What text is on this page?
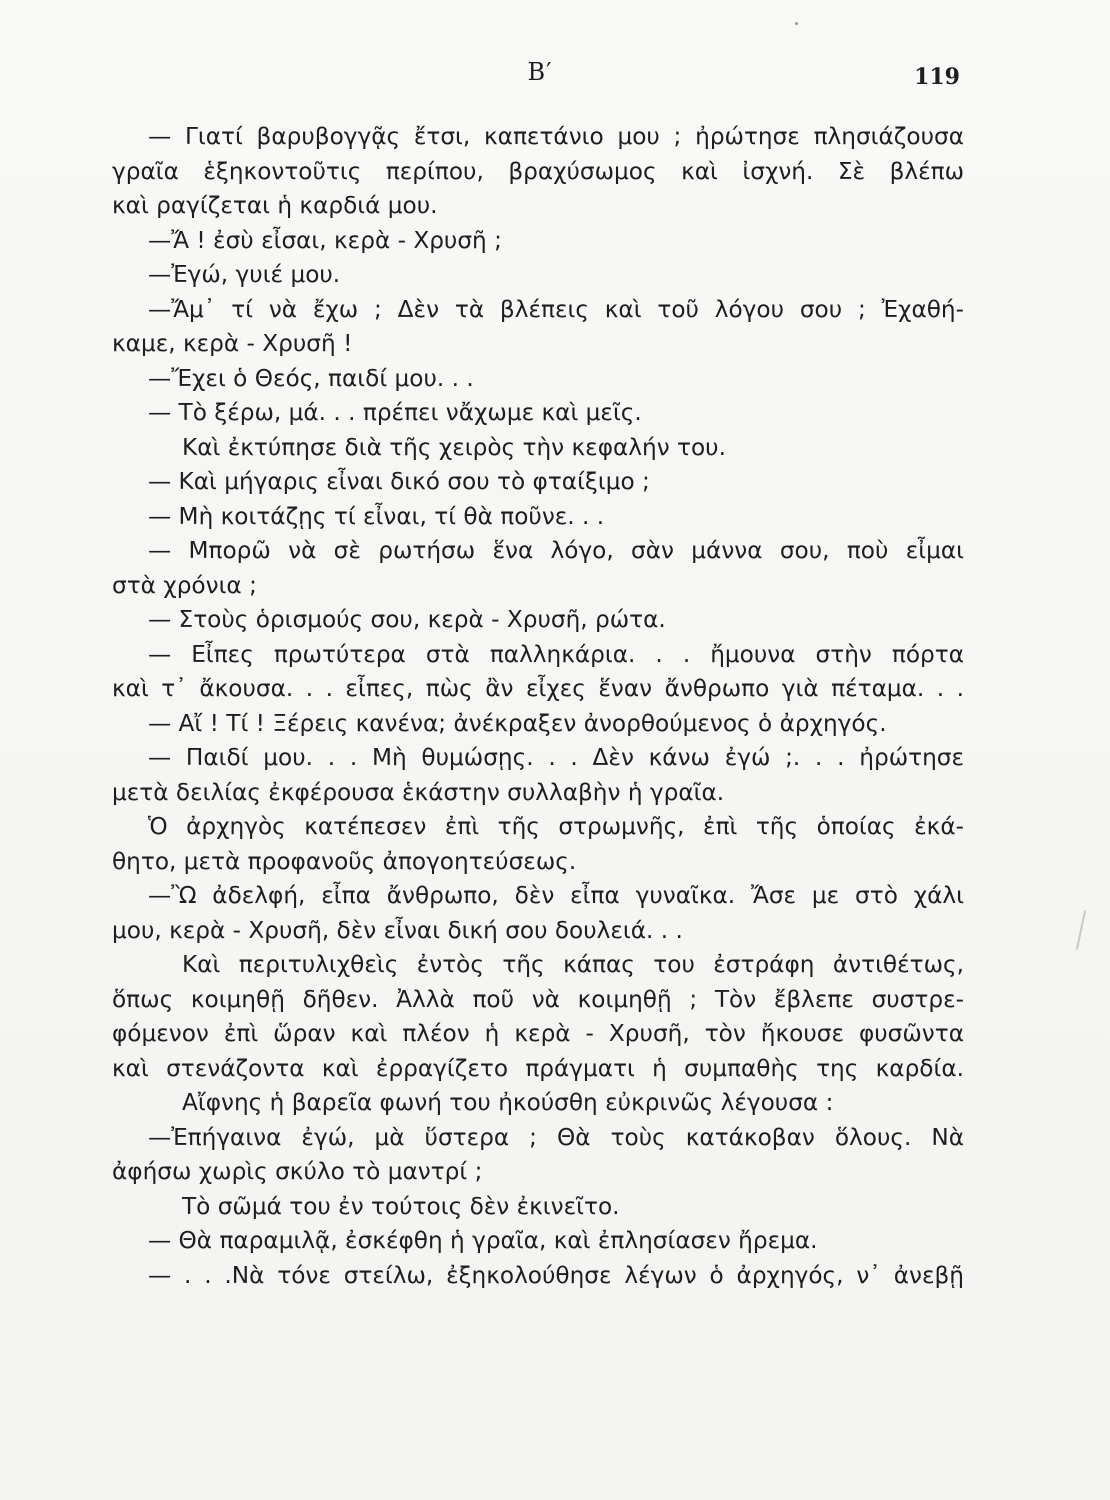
Β′	119
— Γιατί βαρυβογγᾷς ἔτσι, καπετάνιο μου ; ἠρώτησε πλησιάζουσα
γραῖα ἑξηκοντοῦτις περίπου, βραχύσωμος καὶ ἰσχνή. Σὲ βλέπω
καὶ ραγίζεται ἡ καρδιά μου.
—Ἄ ! ἐσὺ εἶσαι, κερὰ - Χρυσῆ ;
—Ἐγώ, γυιέ μου.
—Ἄμ᾽ τί νὰ ἔχω ; Δὲν τὰ βλέπεις καὶ τοῦ λόγου σου ; Ἐχαθή-
καμε, κερὰ - Χρυσῆ !
—Ἔχει ὁ Θεός, παιδί μου. . .
— Τὸ ξέρω, μά. . . πρέπει νἄχωμε καὶ μεῖς.
Καὶ ἐκτύπησε διὰ τῆς χειρὸς τὴν κεφαλήν του.
— Καὶ μήγαρις εἶναι δικό σου τὸ φταίξιμο ;
— Μὴ κοιτάζῃς τί εἶναι, τί θὰ ποῦνε. . .
— Μπορῶ νὰ σὲ ρωτήσω ἕνα λόγο, σὰν μάννα σου, ποὺ εἶμαι
στὰ χρόνια ;
— Στοὺς ὁρισμούς σου, κερὰ - Χρυσῆ, ρώτα.
— Εἶπες πρωτύτερα στὰ παλληκάρια. . . ἤμουνα στὴν πόρτα
καὶ τ᾽ ἄκουσα. . . εἶπες, πὼς ἂν εἶχες ἕναν ἄνθρωπο γιὰ πέταμα. . .
— Αἴ ! Τί ! Ξέρεις κανένα; ἀνέκραξεν ἀνορθούμενος ὁ ἀρχηγός.
— Παιδί μου. . . Μὴ θυμώσῃς. . . Δὲν κάνω ἐγώ ;. . . ἠρώτησε
μετὰ δειλίας ἐκφέρουσα ἑκάστην συλλαβὴν ἡ γραῖα.
Ὁ ἀρχηγὸς κατέπεσεν ἐπὶ τῆς στρωμνῆς, ἐπὶ τῆς ὁποίας ἐκά-
θητο, μετὰ προφανοῦς ἀπογοητεύσεως.
—Ὢ ἀδελφή, εἶπα ἄνθρωπο, δὲν εἶπα γυναῖκα. Ἄσε με στὸ χάλι
μου, κερὰ - Χρυσῆ, δὲν εἶναι δική σου δουλειά. . .
Καὶ περιτυλιχθεὶς ἐντὸς τῆς κάπας του ἐστράφη ἀντιθέτως,
ὅπως κοιμηθῇ δῆθεν. Ἀλλὰ ποῦ νὰ κοιμηθῇ ; Τὸν ἔβλεπε συστρε-
φόμενον ἐπὶ ὥραν καὶ πλέον ἡ κερὰ - Χρυσῆ, τὸν ἤκουσε φυσῶντα
καὶ στενάζοντα καὶ ἐρραγίζετο πράγματι ἡ συμπαθὴς της καρδία.
Αἴφνης ἡ βαρεῖα φωνή του ἠκούσθη εὐκρινῶς λέγουσα :
—Ἐπήγαινα ἐγώ, μὰ ὕστερα ; Θὰ τοὺς κατάκοβαν ὅλους. Νὰ
ἀφήσω χωρὶς σκύλο τὸ μαντρί ;
Τὸ σῶμά του ἐν τούτοις δὲν ἐκινεῖτο.
— Θὰ παραμιλᾷ, ἐσκέφθη ἡ γραῖα, καὶ ἐπλησίασεν ἤρεμα.
— . . .Νὰ τόνε στείλω, ἐξηκολούθησε λέγων ὁ ἀρχηγός, ν᾽ ἀνεβῇ
